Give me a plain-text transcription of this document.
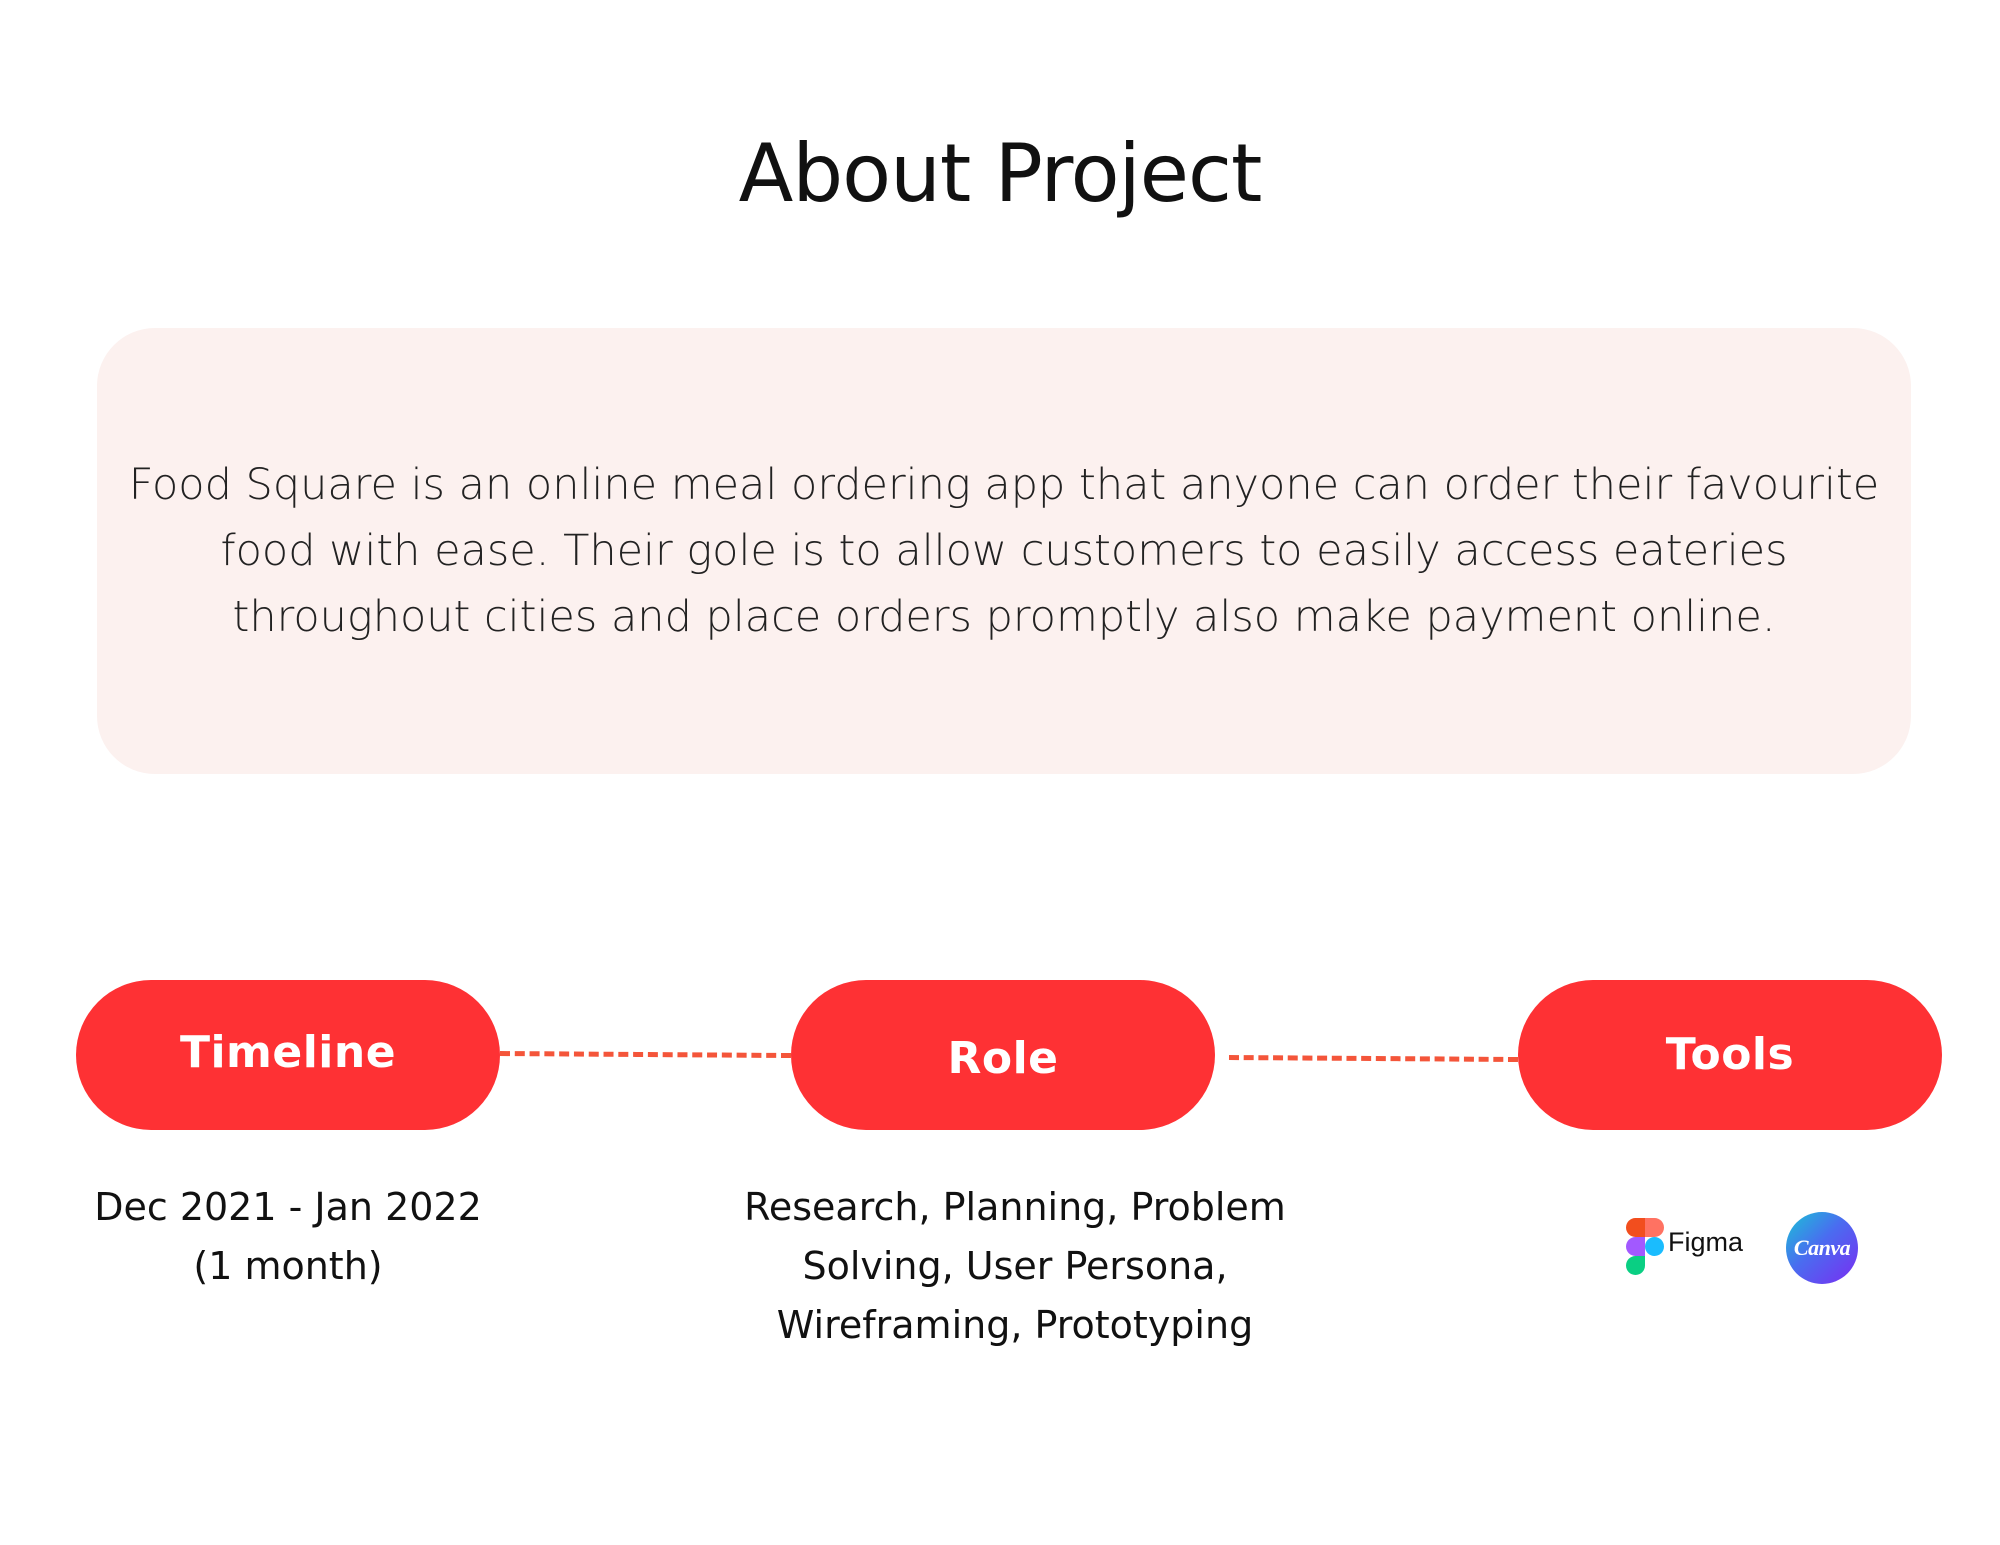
About Project

Food Square is an online meal ordering app that anyone can order their favourite food with ease. Their gole is to allow customers to easily access eateries throughout cities and place orders promptly also make payment online.

Timeline	Role	Tools
Dec 2021 - Jan 2022
(1 month)
Research, Planning, Problem
Solving, User Persona,
Wireframing, Prototyping
Figma Canva
